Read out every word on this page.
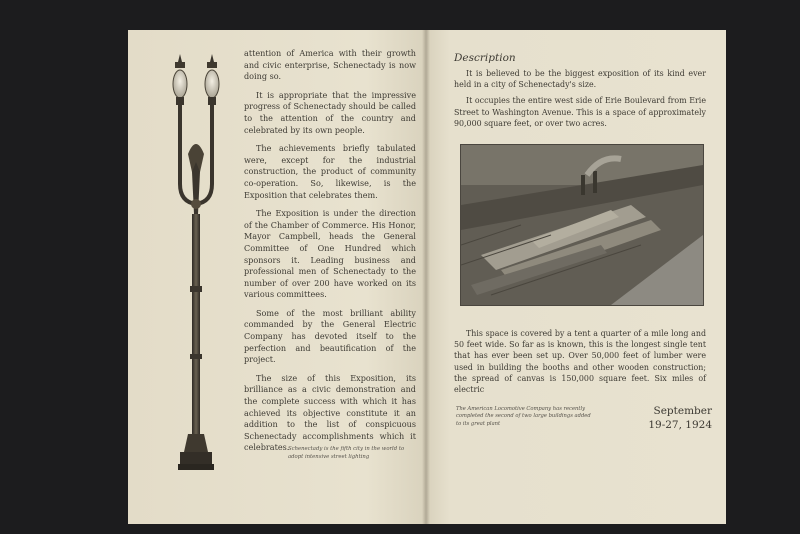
attention of America with their growth and civic enterprise, Schenectady is now doing so.

It is appropriate that the impressive progress of Schenectady should be called to the attention of the country and celebrated by its own people.

The achievements briefly tabulated were, except for the industrial construction, the product of community co-operation. So, likewise, is the Exposition that celebrates them.

The Exposition is under the direction of the Chamber of Commerce. His Honor, Mayor Campbell, heads the General Committee of One Hundred which sponsors it. Leading business and professional men of Schenectady to the number of over 200 have worked on its various committees.

Some of the most brilliant ability commanded by the General Electric Company has devoted itself to the perfection and beautification of the project.

The size of this Exposition, its brilliance as a civic demonstration and the complete success with which it has achieved its objective constitute it an addition to the list of conspicuous Schenectady accomplishments which it celebrates.

Schenectady is the fifth city in the world to adopt intensive street lighting
Description

It is believed to be the biggest exposition of its kind ever held in a city of Schenectady's size.

It occupies the entire west side of Erie Boulevard from Erie Street to Washington Avenue. This is a space of approximately 90,000 square feet, or over two acres.

This space is covered by a tent a quarter of a mile long and 50 feet wide. So far as is known, this is the longest single tent that has ever been set up. Over 50,000 feet of lumber were used in building the booths and other wooden construction; the spread of canvas is 150,000 square feet. Six miles of electric

The American Locomotive Company has recently completed the second of two large buildings added to its great plant
September
19-27, 1924
